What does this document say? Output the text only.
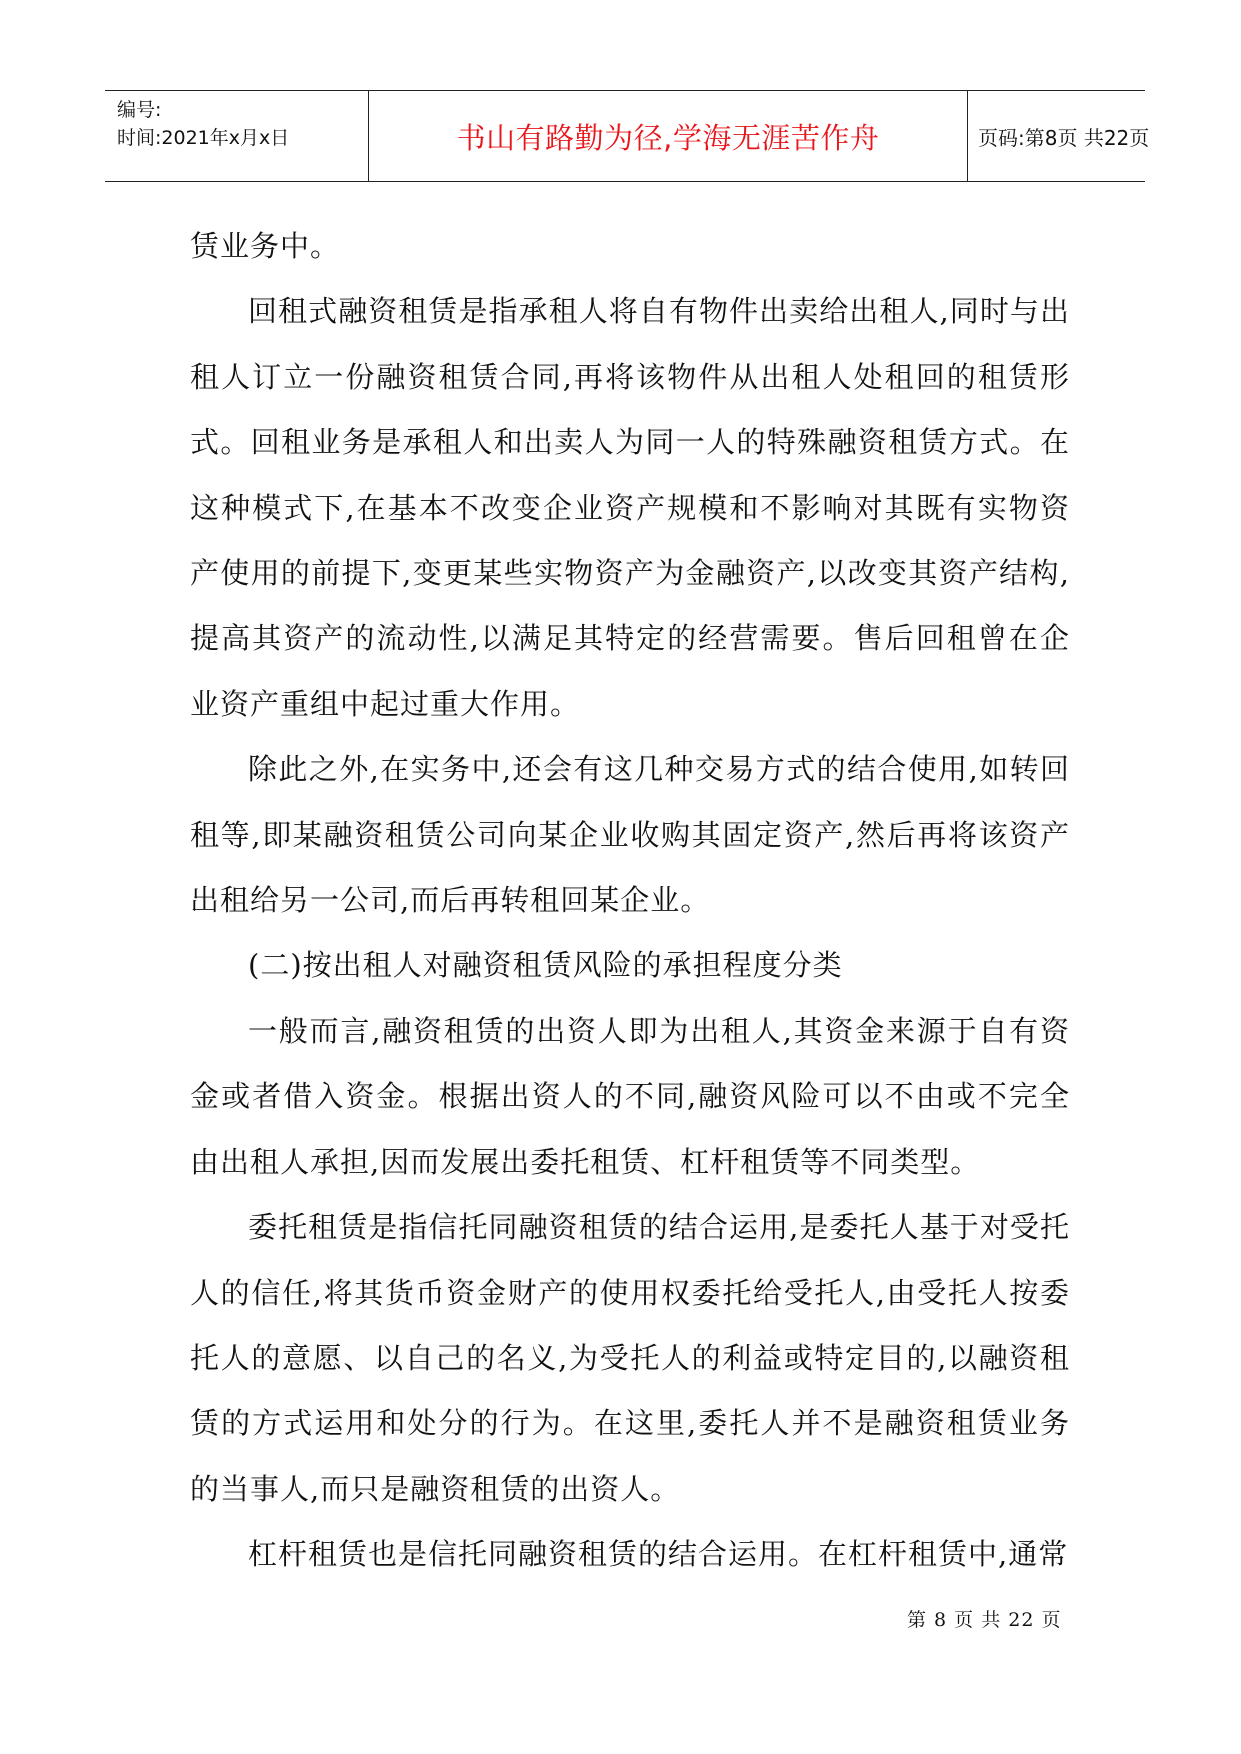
编号:
时间:2021年x月x日	书山有路勤为径,学海无涯苦作舟	页码:第8页 共22页

赁业务中。

回租式融资租赁是指承租人将自有物件出卖给出租人,同时与出租人订立一份融资租赁合同,再将该物件从出租人处租回的租赁形式。回租业务是承租人和出卖人为同一人的特殊融资租赁方式。在这种模式下,在基本不改变企业资产规模和不影响对其既有实物资产使用的前提下,变更某些实物资产为金融资产,以改变其资产结构,提高其资产的流动性,以满足其特定的经营需要。售后回租曾在企业资产重组中起过重大作用。

除此之外,在实务中,还会有这几种交易方式的结合使用,如转回租等,即某融资租赁公司向某企业收购其固定资产,然后再将该资产出租给另一公司,而后再转租回某企业。

(二)按出租人对融资租赁风险的承担程度分类

一般而言,融资租赁的出资人即为出租人,其资金来源于自有资金或者借入资金。根据出资人的不同,融资风险可以不由或不完全由出租人承担,因而发展出委托租赁、杠杆租赁等不同类型。

委托租赁是指信托同融资租赁的结合运用,是委托人基于对受托人的信任,将其货币资金财产的使用权委托给受托人,由受托人按委托人的意愿、以自己的名义,为受托人的利益或特定目的,以融资租赁的方式运用和处分的行为。在这里,委托人并不是融资租赁业务的当事人,而只是融资租赁的出资人。

杠杆租赁也是信托同融资租赁的结合运用。在杠杆租赁中,通常

第 8 页 共 22 页
